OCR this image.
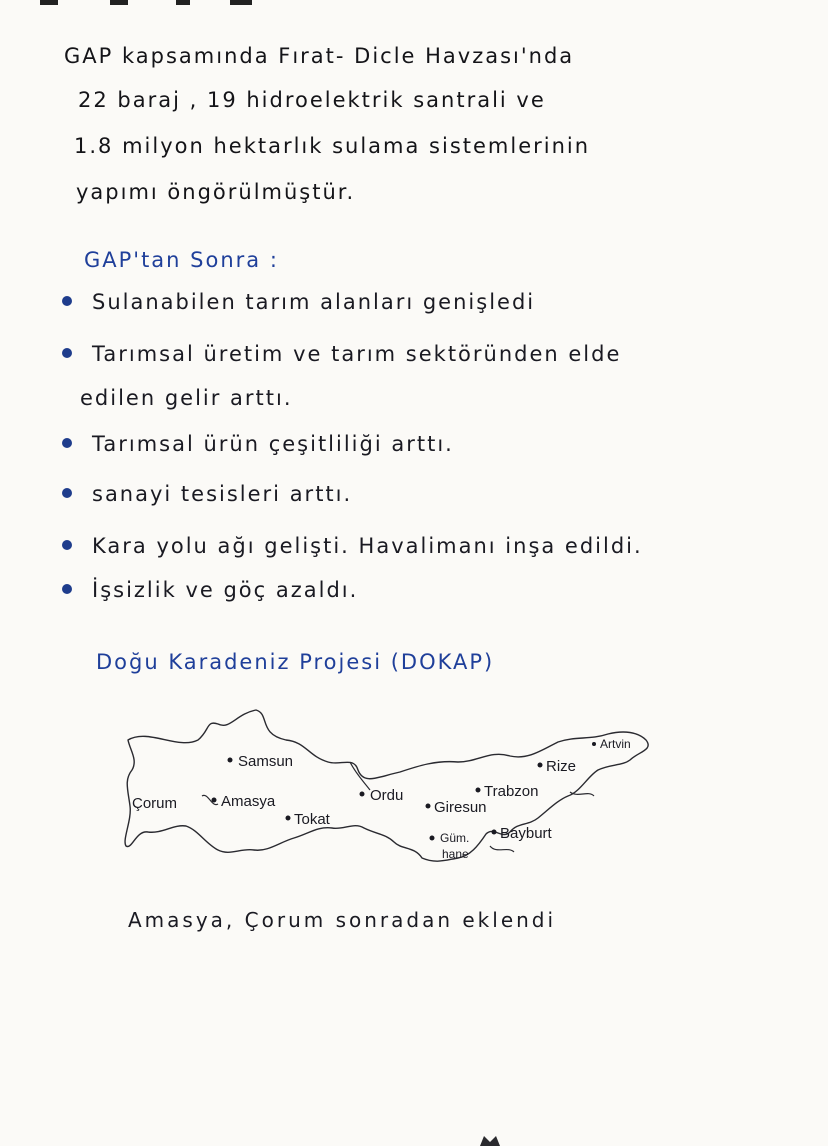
GAP kapsamında Fırat- Dicle Havzası'nda
22 baraj , 19 hidroelektrik santrali ve
1.8 milyon hektarlık sulama sistemlerinin
yapımı öngörülmüştür.
GAP'tan Sonra :
Sulanabilen tarım alanları genişledi
Tarımsal üretim ve tarım sektöründen elde
edilen gelir arttı.
Tarımsal ürün çeşitliliği arttı.
sanayi tesisleri arttı.
Kara yolu ağı gelişti. Havalimanı inşa edildi.
İşsizlik ve göç azaldı.
Doğu Karadeniz Projesi (DOKAP)
Samsun
Çorum	Amasya
Tokat
Ordu
Giresun
Trabzon
Rize
Artvin
Güm.
hane
Bayburt
Amasya, Çorum sonradan eklendi
